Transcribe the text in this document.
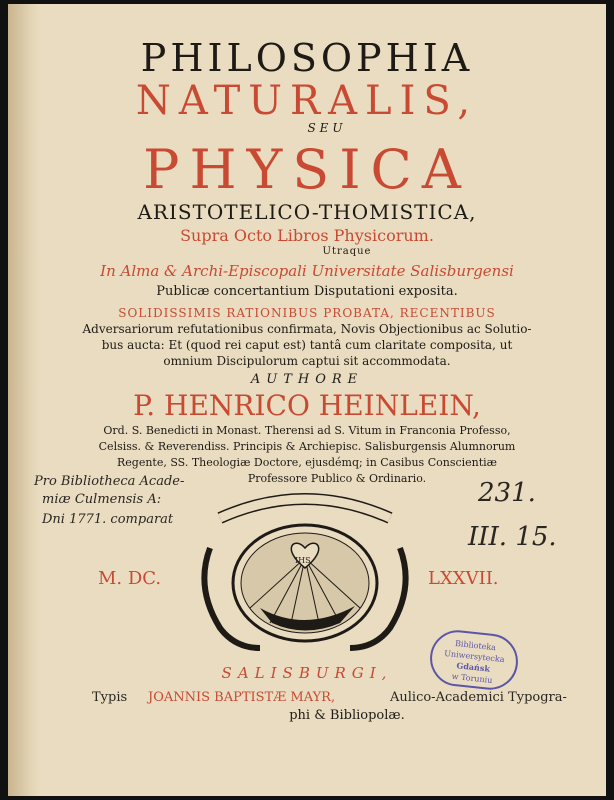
PHILOSOPHIA
NATURALIS,
SEU
PHYSICA
ARISTOTELICO-THOMISTICA,
Supra Octo Libros Physicorum.
Utraque
In Alma & Archi-Episcopali Universitate Salisburgensi
Publicæ concertantium Disputationi exposita.
SOLIDISSIMIS RATIONIBUS PROBATA, RECENTIBUS
Adversariorum refutationibus confirmata, Novis Objectionibus ac Solutio-
bus aucta: Et (quod rei caput est) tantâ cum claritate composita, ut
omnium Discipulorum captui sit accommodata.
AUTHORE
P. HENRICO HEINLEIN,
Ord. S. Benedicti in Monast. Therensi ad S. Vitum in Franconia Professo,
Celsiss. & Reverendiss. Principis & Archiepisc. Salisburgensis Alumnorum
Regente, SS. Theologiæ Doctore, ejusdémq; in Casibus Conscientiæ
Professore Publico & Ordinario.
Pro Bibliotheca Acade-
miæ Culmensis A:
Dni 1771. comparat
231.
III. 15.
M. DC.	LXXVII.
IHS
Biblioteka Uniwersytecka
Gdańsk
w Toruniu
SALISBURGI,
Typis JOANNIS BAPTISTÆ MAYR,	Aulico-Academici Typogra-
phi & Bibliopolæ.
